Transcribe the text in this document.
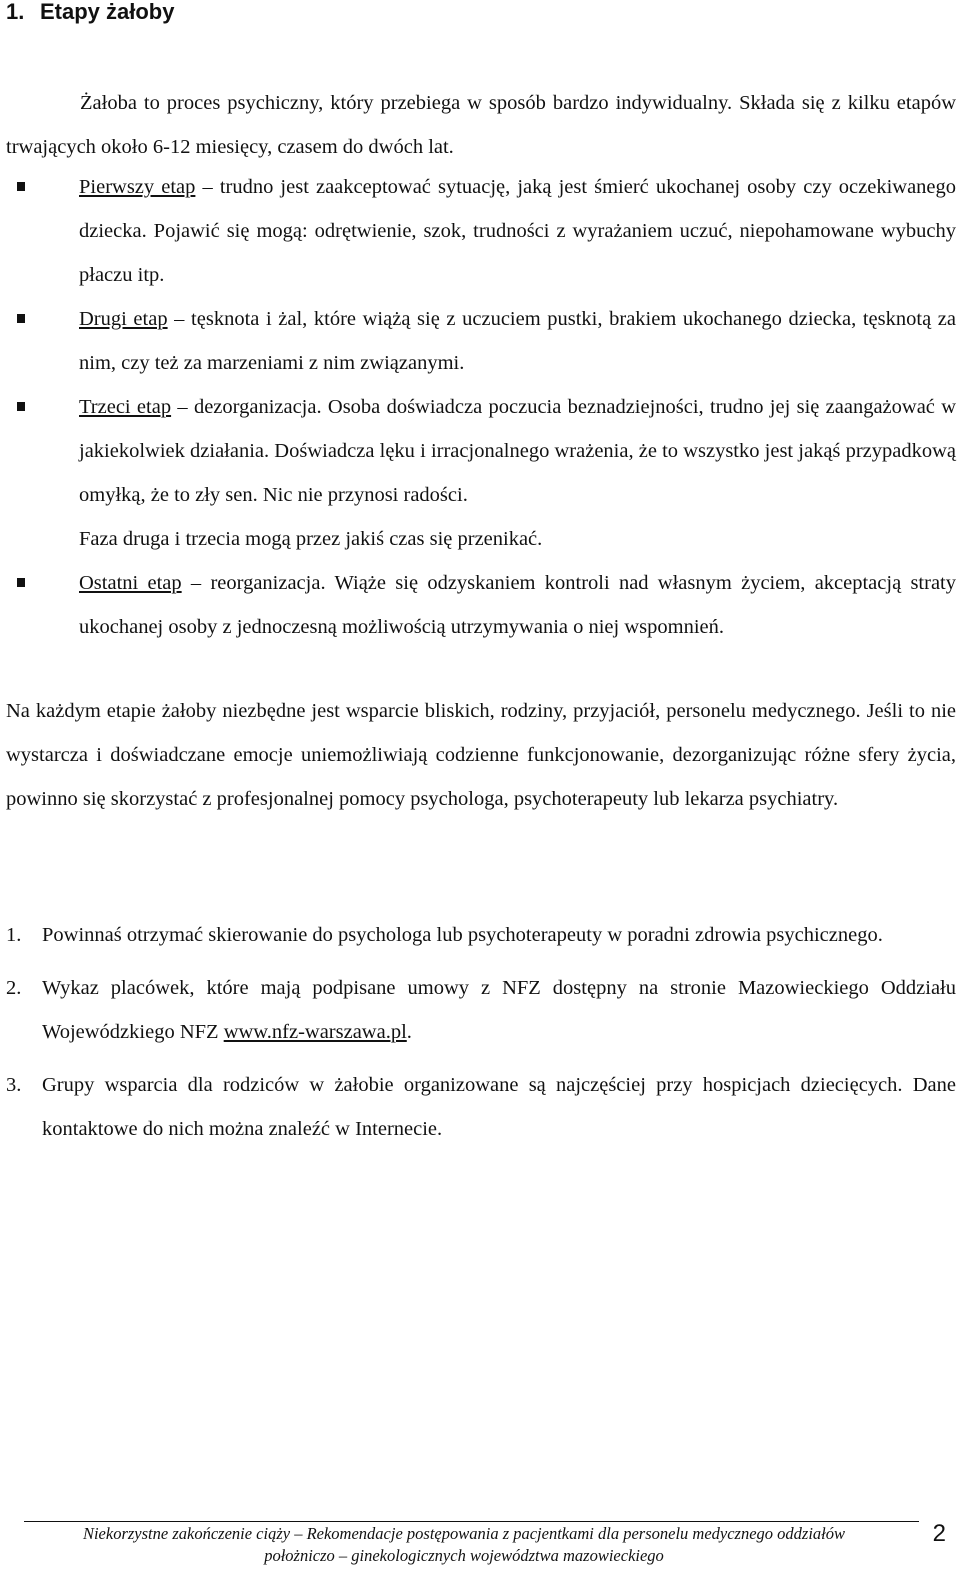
1. Etapy żałoby

Żałoba to proces psychiczny, który przebiega w sposób bardzo indywidualny. Składa się z kilku etapów trwających około 6-12 miesięcy, czasem do dwóch lat.

Pierwszy etap – trudno jest zaakceptować sytuację, jaką jest śmierć ukochanej osoby czy oczekiwanego dziecka. Pojawić się mogą: odrętwienie, szok, trudności z wyrażaniem uczuć, niepohamowane wybuchy płaczu itp.
Drugi etap – tęsknota i żal, które wiążą się z uczuciem pustki, brakiem ukochanego dziecka, tęsknotą za nim, czy też za marzeniami z nim związanymi.
Trzeci etap – dezorganizacja. Osoba doświadcza poczucia beznadziejności, trudno jej się zaangażować w jakiekolwiek działania. Doświadcza lęku i irracjonalnego wrażenia, że to wszystko jest jakąś przypadkową omyłką, że to zły sen. Nic nie przynosi radości.
Faza druga i trzecia mogą przez jakiś czas się przenikać.
Ostatni etap – reorganizacja. Wiąże się odzyskaniem kontroli nad własnym życiem, akceptacją straty ukochanej osoby z jednoczesną możliwością utrzymywania o niej wspomnień.

Na każdym etapie żałoby niezbędne jest wsparcie bliskich, rodziny, przyjaciół, personelu medycznego. Jeśli to nie wystarcza i doświadczane emocje uniemożliwiają codzienne funkcjonowanie, dezorganizując różne sfery życia, powinno się skorzystać z profesjonalnej pomocy psychologa, psychoterapeuty lub lekarza psychiatry.

1. Powinnaś otrzymać skierowanie do psychologa lub psychoterapeuty w poradni zdrowia psychicznego.
2. Wykaz placówek, które mają podpisane umowy z NFZ dostępny na stronie Mazowieckiego Oddziału Wojewódzkiego NFZ www.nfz-warszawa.pl.
3. Grupy wsparcia dla rodziców w żałobie organizowane są najczęściej przy hospicjach dziecięcych. Dane kontaktowe do nich można znaleźć w Internecie.
Niekorzystne zakończenie ciąży – Rekomendacje postępowania z pacjentkami dla personelu medycznego oddziałów
położniczo – ginekologicznych województwa mazowieckiego
2
